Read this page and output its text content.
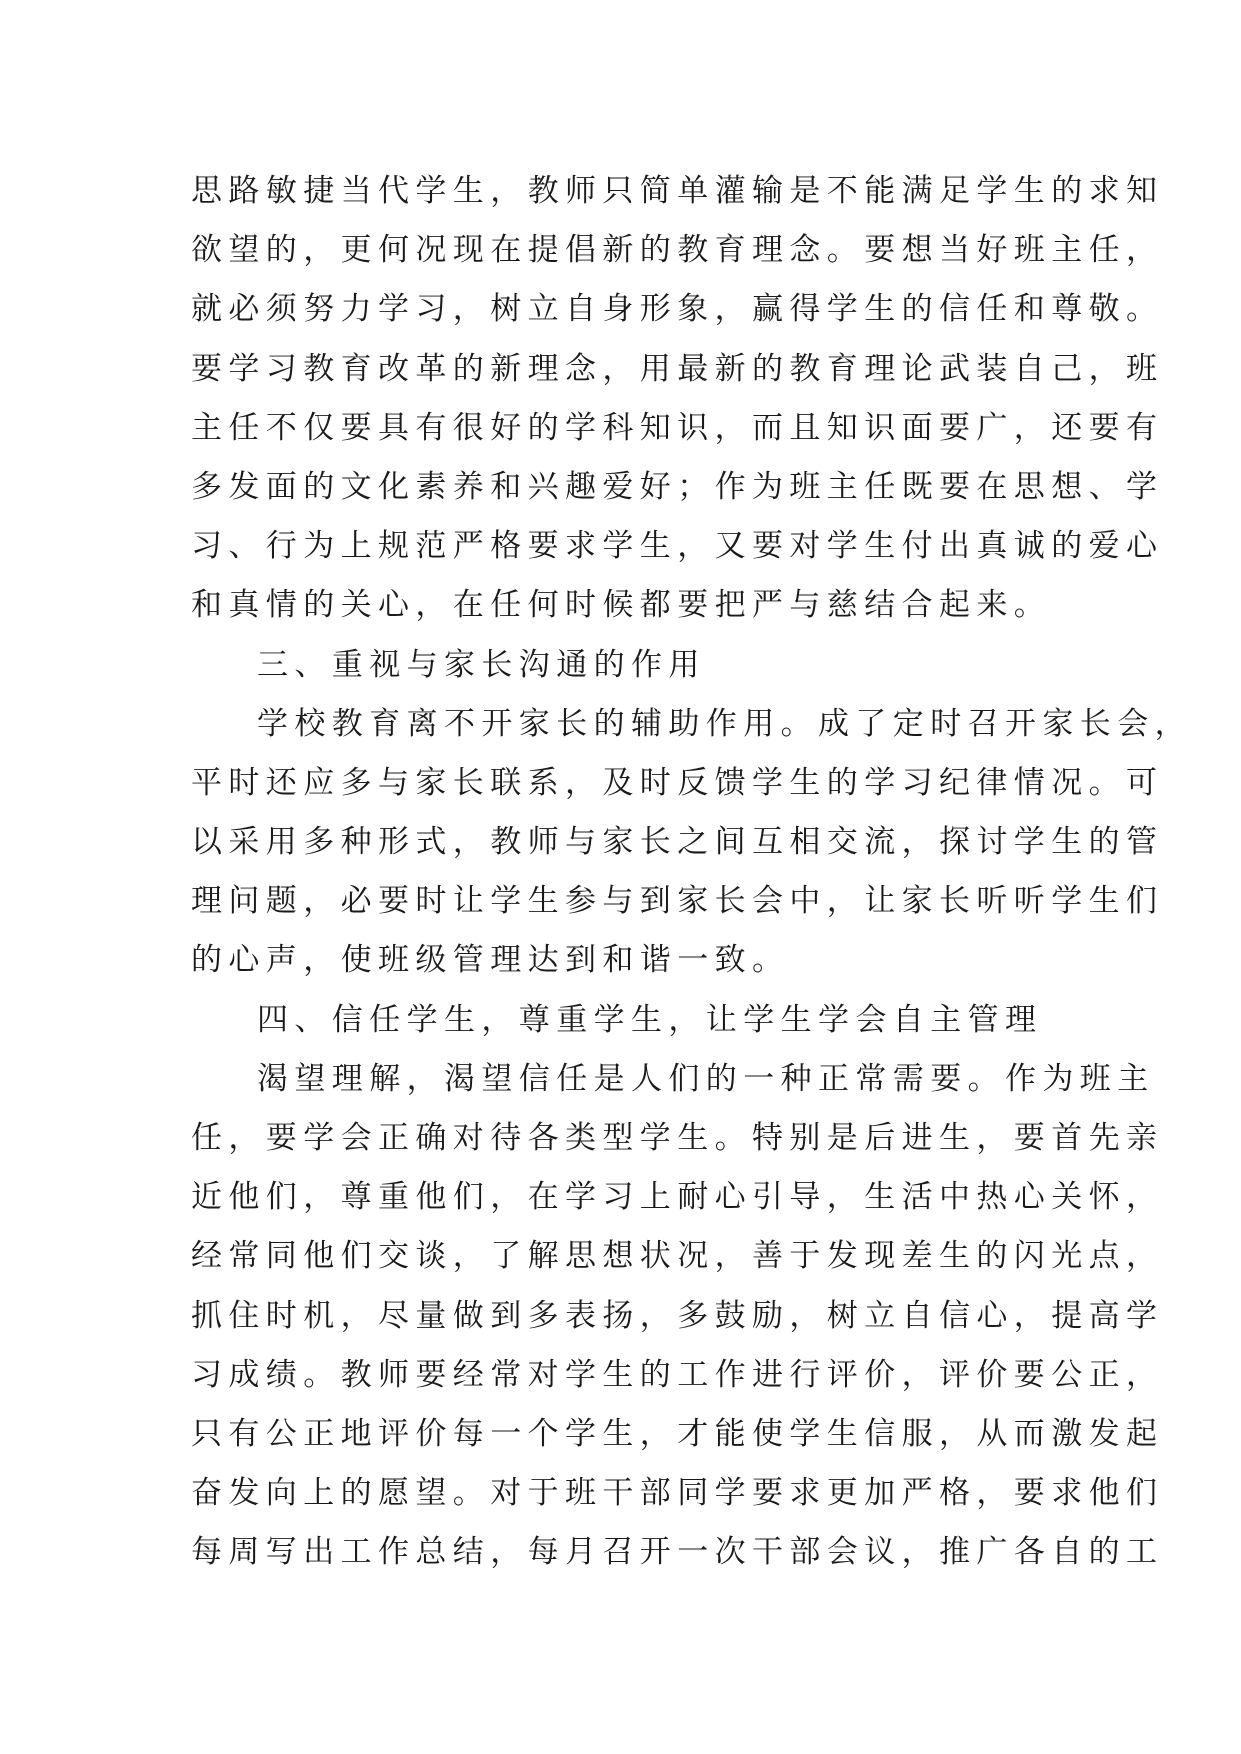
思路敏捷当代学生，教师只简单灌输是不能满足学生的求知
欲望的，更何况现在提倡新的教育理念。要想当好班主任，
就必须努力学习，树立自身形象，赢得学生的信任和尊敬。
要学习教育改革的新理念，用最新的教育理论武装自己，班
主任不仅要具有很好的学科知识，而且知识面要广，还要有
多发面的文化素养和兴趣爱好；作为班主任既要在思想、学
习、行为上规范严格要求学生，又要对学生付出真诚的爱心
和真情的关心，在任何时候都要把严与慈结合起来。
三、重视与家长沟通的作用
学校教育离不开家长的辅助作用。成了定时召开家长会，
平时还应多与家长联系，及时反馈学生的学习纪律情况。可
以采用多种形式，教师与家长之间互相交流，探讨学生的管
理问题，必要时让学生参与到家长会中，让家长听听学生们
的心声，使班级管理达到和谐一致。
四、信任学生，尊重学生，让学生学会自主管理
渴望理解，渴望信任是人们的一种正常需要。作为班主
任，要学会正确对待各类型学生。特别是后进生，要首先亲
近他们，尊重他们，在学习上耐心引导，生活中热心关怀，
经常同他们交谈，了解思想状况，善于发现差生的闪光点，
抓住时机，尽量做到多表扬，多鼓励，树立自信心，提高学
习成绩。教师要经常对学生的工作进行评价，评价要公正，
只有公正地评价每一个学生，才能使学生信服，从而激发起
奋发向上的愿望。对于班干部同学要求更加严格，要求他们
每周写出工作总结，每月召开一次干部会议，推广各自的工
